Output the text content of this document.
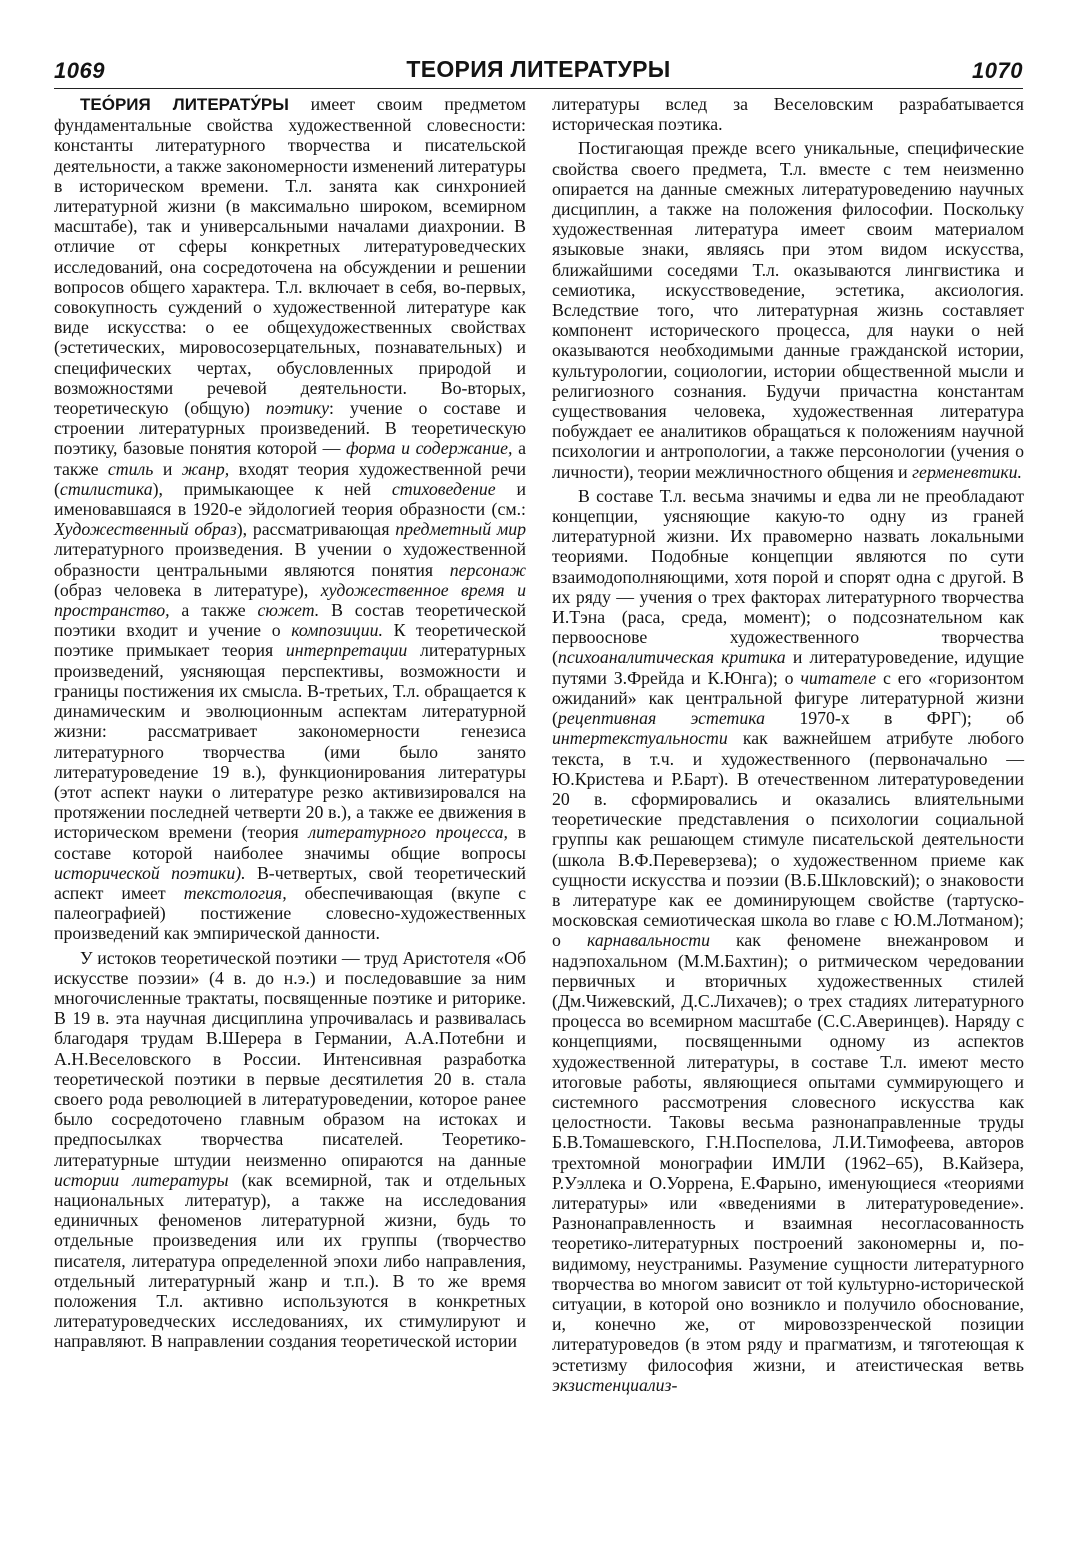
1069	ТЕОРИЯ ЛИТЕРАТУРЫ	1070

ТЕО́РИЯ ЛИТЕРАТУ́РЫ имеет своим предметом фундаментальные свойства художественной словесности: константы литературного творчества и писательской деятельности, а также закономерности изменений литературы в историческом времени. Т.л. занята как синхронией литературной жизни (в максимально широком, всемирном масштабе), так и универсальными началами диахронии. В отличие от сферы конкретных литературоведческих исследований, она сосредоточена на обсуждении и решении вопросов общего характера. Т.л. включает в себя, во-первых, совокупность суждений о художественной литературе как виде искусства: о ее общехудожественных свойствах (эстетических, мировосозерцательных, познавательных) и специфических чертах, обусловленных природой и возможностями речевой деятельности. Во-вторых, теоретическую (общую) поэтику: учение о составе и строении литературных произведений. В теоретическую поэтику, базовые понятия которой — форма и содержание, а также стиль и жанр, входят теория художественной речи (стилистика), примыкающее к ней стиховедение и именовавшаяся в 1920-е эйдологией теория образности (см.: Художественный образ), рассматривающая предметный мир литературного произведения. В учении о художественной образности центральными являются понятия персонаж (образ человека в литературе), художественное время и пространство, а также сюжет. В состав теоретической поэтики входит и учение о композиции. К теоретической поэтике примыкает теория интерпретации литературных произведений, уясняющая перспективы, возможности и границы постижения их смысла. В-третьих, Т.л. обращается к динамическим и эволюционным аспектам литературной жизни: рассматривает закономерности генезиса литературного творчества (ими было занято литературоведение 19 в.), функционирования литературы (этот аспект науки о литературе резко активизировался на протяжении последней четверти 20 в.), а также ее движения в историческом времени (теория литературного процесса, в составе которой наиболее значимы общие вопросы исторической поэтики). В-четвертых, свой теоретический аспект имеет текстология, обеспечивающая (вкупе с палеографией) постижение словесно-художественных произведений как эмпирической данности.

У истоков теоретической поэтики — труд Аристотеля «Об искусстве поэзии» (4 в. до н.э.) и последовавшие за ним многочисленные трактаты, посвященные поэтике и риторике. В 19 в. эта научная дисциплина упрочивалась и развивалась благодаря трудам В.Шерера в Германии, А.А.Потебни и А.Н.Веселовского в России. Интенсивная разработка теоретической поэтики в первые десятилетия 20 в. стала своего рода революцией в литературоведении, которое ранее было сосредоточено главным образом на истоках и предпосылках творчества писателей. Теоретико-литературные штудии неизменно опираются на данные истории литературы (как всемирной, так и отдельных национальных литератур), а также на исследования единичных феноменов литературной жизни, будь то отдельные произведения или их группы (творчество писателя, литература определенной эпохи либо направления, отдельный литературный жанр и т.п.). В то же время положения Т.л. активно используются в конкретных литературоведческих исследованиях, их стимулируют и направляют. В направлении создания теоретической истории

литературы вслед за Веселовским разрабатывается историческая поэтика.

Постигающая прежде всего уникальные, специфические свойства своего предмета, Т.л. вместе с тем неизменно опирается на данные смежных литературоведению научных дисциплин, а также на положения философии. Поскольку художественная литература имеет своим материалом языковые знаки, являясь при этом видом искусства, ближайшими соседями Т.л. оказываются лингвистика и семиотика, искусствоведение, эстетика, аксиология. Вследствие того, что литературная жизнь составляет компонент исторического процесса, для науки о ней оказываются необходимыми данные гражданской истории, культурологии, социологии, истории общественной мысли и религиозного сознания. Будучи причастна константам существования человека, художественная литература побуждает ее аналитиков обращаться к положениям научной психологии и антропологии, а также персонологии (учения о личности), теории межличностного общения и герменевтики.

В составе Т.л. весьма значимы и едва ли не преобладают концепции, уясняющие какую-то одну из граней литературной жизни. Их правомерно назвать локальными теориями. Подобные концепции являются по сути взаимодополняющими, хотя порой и спорят одна с другой. В их ряду — учения о трех факторах литературного творчества И.Тэна (раса, среда, момент); о подсознательном как первооснове художественного творчества (психоаналитическая критика и литературоведение, идущие путями З.Фрейда и К.Юнга); о читателе с его «горизонтом ожиданий» как центральной фигуре литературной жизни (рецептивная эстетика 1970-х в ФРГ); об интертекстуальности как важнейшем атрибуте любого текста, в т.ч. и художественного (первоначально — Ю.Кристева и Р.Барт). В отечественном литературоведении 20 в. сформировались и оказались влиятельными теоретические представления о психологии социальной группы как решающем стимуле писательской деятельности (школа В.Ф.Переверзева); о художественном приеме как сущности искусства и поэзии (В.Б.Шкловский); о знаковости в литературе как ее доминирующем свойстве (тартуско-московская семиотическая школа во главе с Ю.М.Лотманом); о карнавальности как феномене внежанровом и надэпохальном (М.М.Бахтин); о ритмическом чередовании первичных и вторичных художественных стилей (Дм.Чижевский, Д.С.Лихачев); о трех стадиях литературного процесса во всемирном масштабе (С.С.Аверинцев). Наряду с концепциями, посвященными одному из аспектов художественной литературы, в составе Т.л. имеют место итоговые работы, являющиеся опытами суммирующего и системного рассмотрения словесного искусства как целостности. Таковы весьма разнонаправленные труды Б.В.Томашевского, Г.Н.Поспелова, Л.И.Тимофеева, авторов трехтомной монографии ИМЛИ (1962–65), В.Кайзера, Р.Уэллека и О.Уоррена, Е.Фарыно, именующиеся «теориями литературы» или «введениями в литературоведение». Разнонаправленность и взаимная несогласованность теоретико-литературных построений закономерны и, по-видимому, неустранимы. Разумение сущности литературного творчества во многом зависит от той культурно-исторической ситуации, в которой оно возникло и получило обоснование, и, конечно же, от мировоззренческой позиции литературоведов (в этом ряду и прагматизм, и тяготеющая к эстетизму философия жизни, и атеистическая ветвь экзистенциализ-
